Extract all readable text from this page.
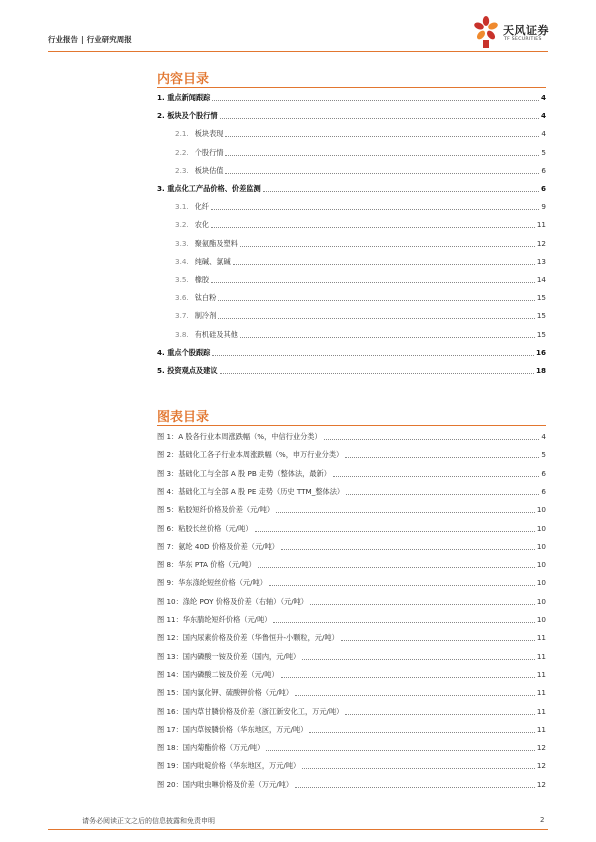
行业报告 | 行业研究周报
天风证券
TF SECURITIES
内容目录
1. 重点新闻跟踪	4
2. 板块及个股行情	4
2.1. 板块表现	4
2.2. 个股行情	5
2.3. 板块估值	6
3. 重点化工产品价格、价差监测	6
3.1. 化纤	9
3.2. 农化	11
3.3. 聚氨酯及塑料	12
3.4. 纯碱、氯碱	13
3.5. 橡胶	14
3.6. 钛白粉	15
3.7. 制冷剂	15
3.8. 有机硅及其他	15
4. 重点个股跟踪	16
5. 投资观点及建议	18
图表目录
图 1：A 股各行业本周涨跌幅（%，中信行业分类）	4
图 2：基础化工各子行业本周涨跌幅（%，申万行业分类）	5
图 3：基础化工与全部 A 股 PB 走势（整体法，最新）	6
图 4：基础化工与全部 A 股 PE 走势（历史 TTM_整体法）	6
图 5：粘胶短纤价格及价差（元/吨）	10
图 6：粘胶长丝价格（元/吨）	10
图 7：氨纶 40D 价格及价差（元/吨）	10
图 8：华东 PTA 价格（元/吨）	10
图 9：华东涤纶短丝价格（元/吨）	10
图 10：涤纶 POY 价格及价差（右轴）（元/吨）	10
图 11：华东腈纶短纤价格（元/吨）	10
图 12：国内尿素价格及价差（华鲁恒升-小颗粒，元/吨）	11
图 13：国内磷酸一铵及价差（国内，元/吨）	11
图 14：国内磷酸二铵及价差（元/吨）	11
图 15：国内氯化钾、硫酸钾价格（元/吨）	11
图 16：国内草甘膦价格及价差（浙江新安化工，万元/吨）	11
图 17：国内草铵膦价格（华东地区，万元/吨）	11
图 18：国内菊酯价格（万元/吨）	12
图 19：国内吡啶价格（华东地区，万元/吨）	12
图 20：国内吡虫啉价格及价差（万元/吨）	12
请务必阅读正文之后的信息披露和免责申明	2
